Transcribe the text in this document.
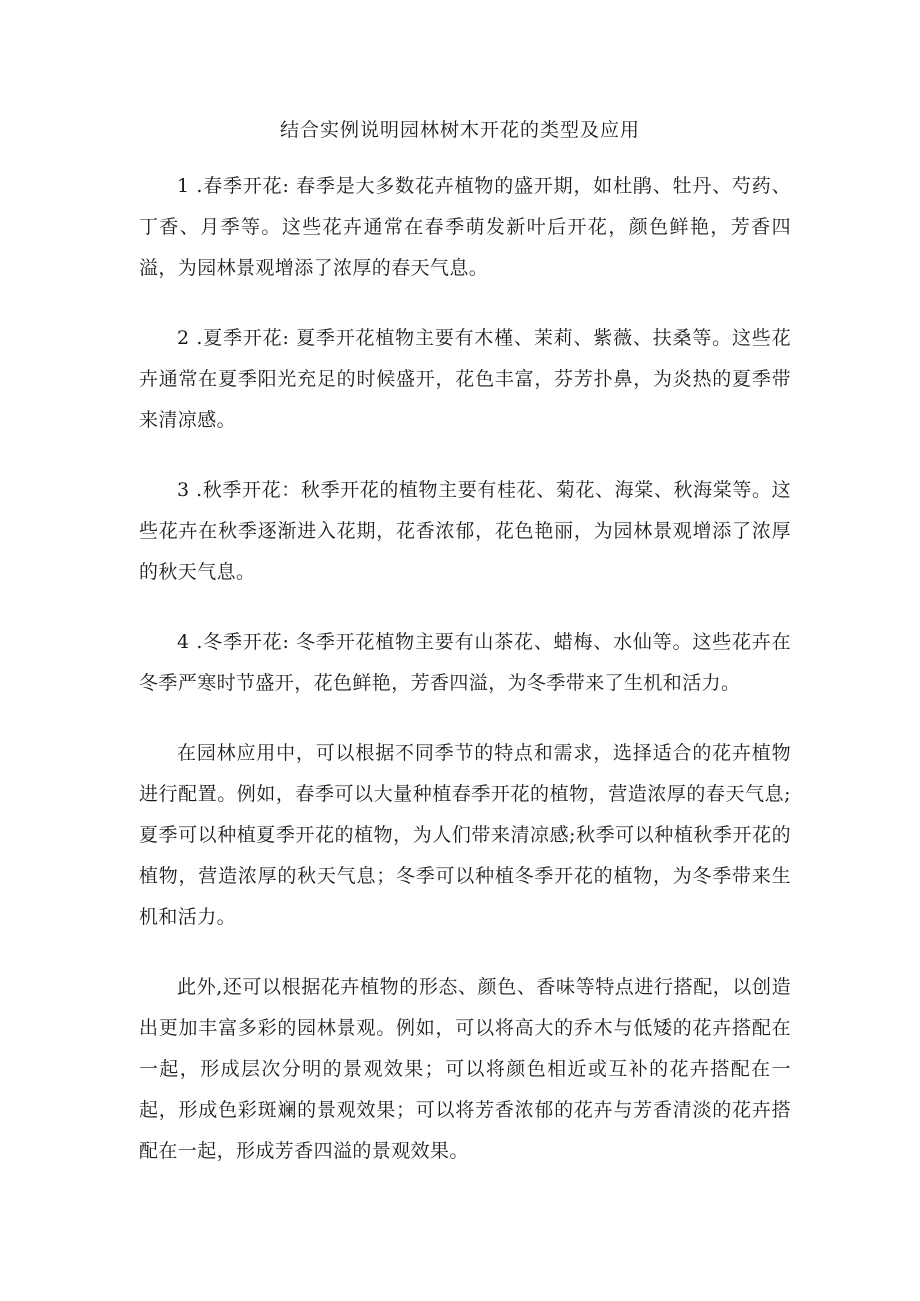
结合实例说明园林树木开花的类型及应用

1 .春季开花: 春季是大多数花卉植物的盛开期，如杜鹃、牡丹、芍药、丁香、月季等。这些花卉通常在春季萌发新叶后开花，颜色鲜艳，芳香四溢，为园林景观增添了浓厚的春天气息。

2 .夏季开花: 夏季开花植物主要有木槿、茉莉、紫薇、扶桑等。这些花卉通常在夏季阳光充足的时候盛开，花色丰富，芬芳扑鼻，为炎热的夏季带来清凉感。

3 .秋季开花：秋季开花的植物主要有桂花、菊花、海棠、秋海棠等。这些花卉在秋季逐渐进入花期，花香浓郁，花色艳丽，为园林景观增添了浓厚的秋天气息。

4 .冬季开花: 冬季开花植物主要有山茶花、蜡梅、水仙等。这些花卉在冬季严寒时节盛开，花色鲜艳，芳香四溢，为冬季带来了生机和活力。

在园林应用中，可以根据不同季节的特点和需求，选择适合的花卉植物进行配置。例如，春季可以大量种植春季开花的植物，营造浓厚的春天气息;夏季可以种植夏季开花的植物，为人们带来清凉感;秋季可以种植秋季开花的植物，营造浓厚的秋天气息；冬季可以种植冬季开花的植物，为冬季带来生机和活力。

此外,还可以根据花卉植物的形态、颜色、香味等特点进行搭配，以创造出更加丰富多彩的园林景观。例如，可以将高大的乔木与低矮的花卉搭配在一起，形成层次分明的景观效果；可以将颜色相近或互补的花卉搭配在一起，形成色彩斑斓的景观效果；可以将芳香浓郁的花卉与芳香清淡的花卉搭配在一起，形成芳香四溢的景观效果。
